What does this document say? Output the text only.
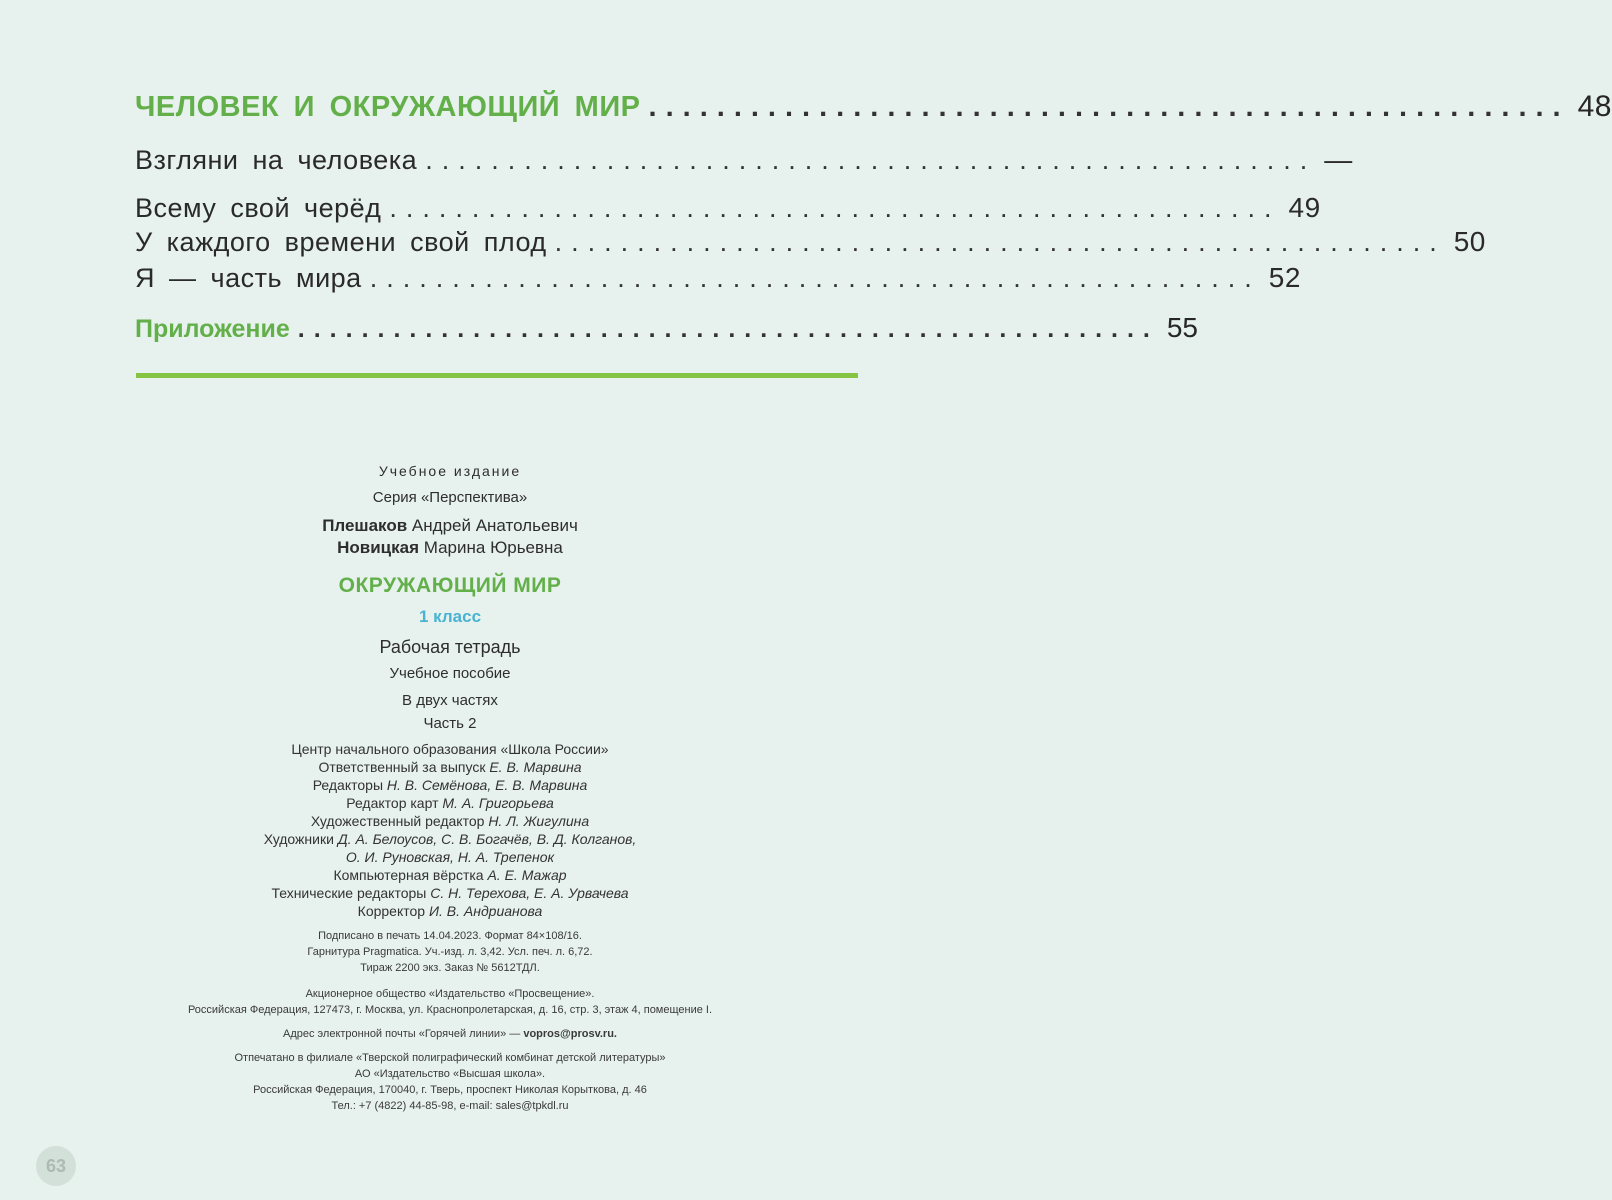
ЧЕЛОВЕК И ОКРУЖАЮЩИЙ МИР ...................................................... 48
Взгляни на человека ...................................................... —
Всему свой черёд ...................................................... 49
У каждого времени свой плод ...................................................... 50
Я — часть мира ...................................................... 52
Приложение ...................................................... 55
Учебное издание
Серия «Перспектива»
Плешаков Андрей Анатольевич
Новицкая Марина Юрьевна
ОКРУЖАЮЩИЙ МИР
1 класс
Рабочая тетрадь
Учебное пособие
В двух частях
Часть 2
Центр начального образования «Школа России»
Ответственный за выпуск Е. В. Марвина
Редакторы Н. В. Семёнова, Е. В. Марвина
Редактор карт М. А. Григорьева
Художественный редактор Н. Л. Жигулина
Художники Д. А. Белоусов, С. В. Богачёв, В. Д. Колганов,
О. И. Руновская, Н. А. Трепенок
Компьютерная вёрстка А. Е. Мажар
Технические редакторы С. Н. Терехова, Е. А. Урвачева
Корректор И. В. Андрианова
Подписано в печать 14.04.2023. Формат 84×108/16.
Гарнитура Pragmatica. Уч.-изд. л. 3,42. Усл. печ. л. 6,72.
Тираж 2200 экз. Заказ № 5612ТДЛ.
Акционерное общество «Издательство «Просвещение».
Российская Федерация, 127473, г. Москва, ул. Краснопролетарская, д. 16, стр. 3, этаж 4, помещение I.
Адрес электронной почты «Горячей линии» — vopros@prosv.ru.
Отпечатано в филиале «Тверской полиграфический комбинат детской литературы»
АО «Издательство «Высшая школа».
Российская Федерация, 170040, г. Тверь, проспект Николая Корыткова, д. 46
Тел.: +7 (4822) 44-85-98, e-mail: sales@tpkdl.ru
63
